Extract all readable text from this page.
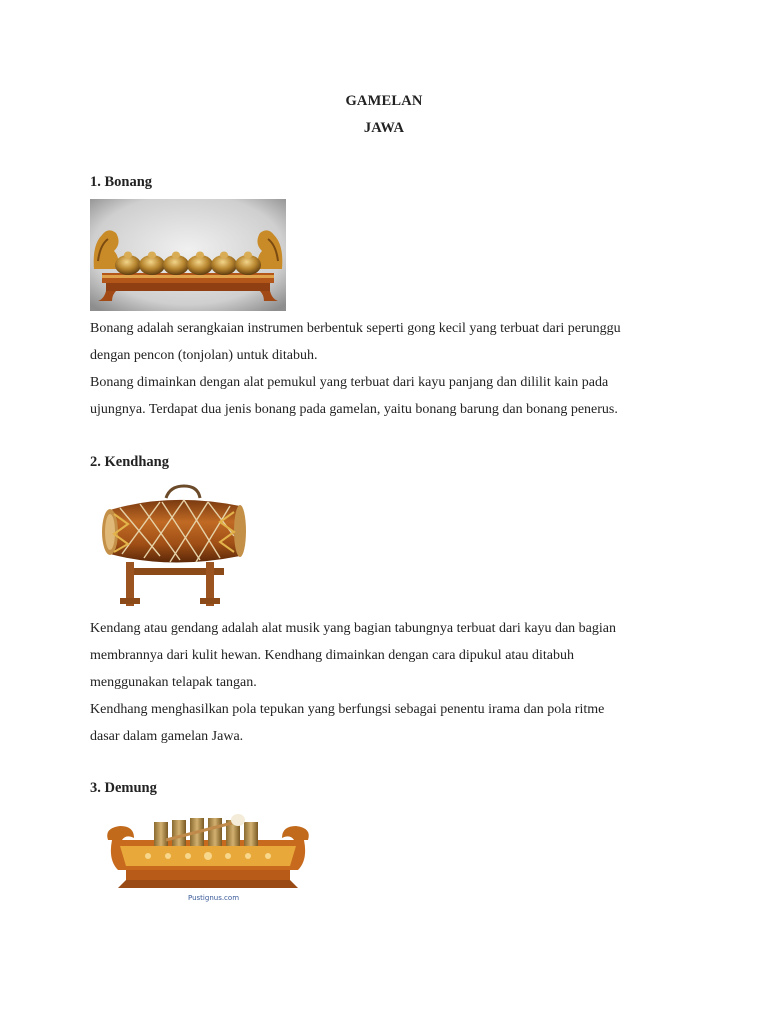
GAMELAN
JAWA
1. Bonang
Bonang adalah serangkaian instrumen berbentuk seperti gong kecil yang terbuat dari perunggu
dengan pencon (tonjolan) untuk ditabuh.
Bonang dimainkan dengan alat pemukul yang terbuat dari kayu panjang dan dililit kain pada
ujungnya. Terdapat dua jenis bonang pada gamelan, yaitu bonang barung dan bonang penerus.
2. Kendhang
Kendang atau gendang adalah alat musik yang bagian tabungnya terbuat dari kayu dan bagian
membrannya dari kulit hewan. Kendhang dimainkan dengan cara dipukul atau ditabuh
menggunakan telapak tangan.
Kendhang menghasilkan pola tepukan yang berfungsi sebagai penentu irama dan pola ritme
dasar dalam gamelan Jawa.
3. Demung
Pustignus.com
